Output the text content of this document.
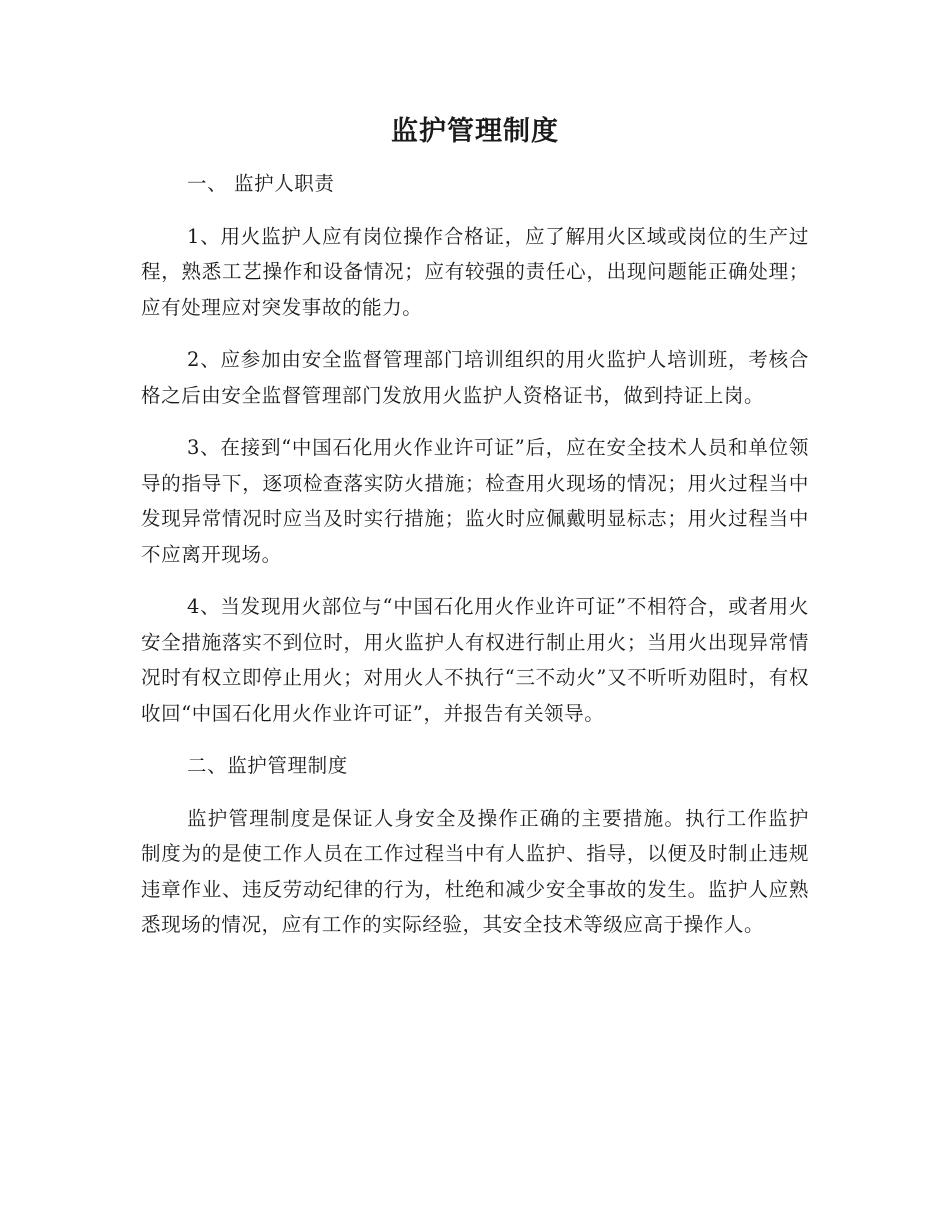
监护管理制度

一、 监护人职责

1、用火监护人应有岗位操作合格证，应了解用火区域或岗位的生产过程，熟悉工艺操作和设备情况；应有较强的责任心，出现问题能正确处理；应有处理应对突发事故的能力。

2、应参加由安全监督管理部门培训组织的用火监护人培训班，考核合格之后由安全监督管理部门发放用火监护人资格证书，做到持证上岗。

3、在接到“中国石化用火作业许可证”后，应在安全技术人员和单位领导的指导下，逐项检查落实防火措施；检查用火现场的情况；用火过程当中发现异常情况时应当及时实行措施；监火时应佩戴明显标志；用火过程当中不应离开现场。

4、当发现用火部位与“中国石化用火作业许可证”不相符合，或者用火安全措施落实不到位时，用火监护人有权进行制止用火；当用火出现异常情况时有权立即停止用火；对用火人不执行“三不动火”又不听听劝阻时，有权收回“中国石化用火作业许可证”，并报告有关领导。

二、监护管理制度

监护管理制度是保证人身安全及操作正确的主要措施。执行工作监护制度为的是使工作人员在工作过程当中有人监护、指导，以便及时制止违规违章作业、违反劳动纪律的行为，杜绝和减少安全事故的发生。监护人应熟悉现场的情况，应有工作的实际经验，其安全技术等级应高于操作人。
